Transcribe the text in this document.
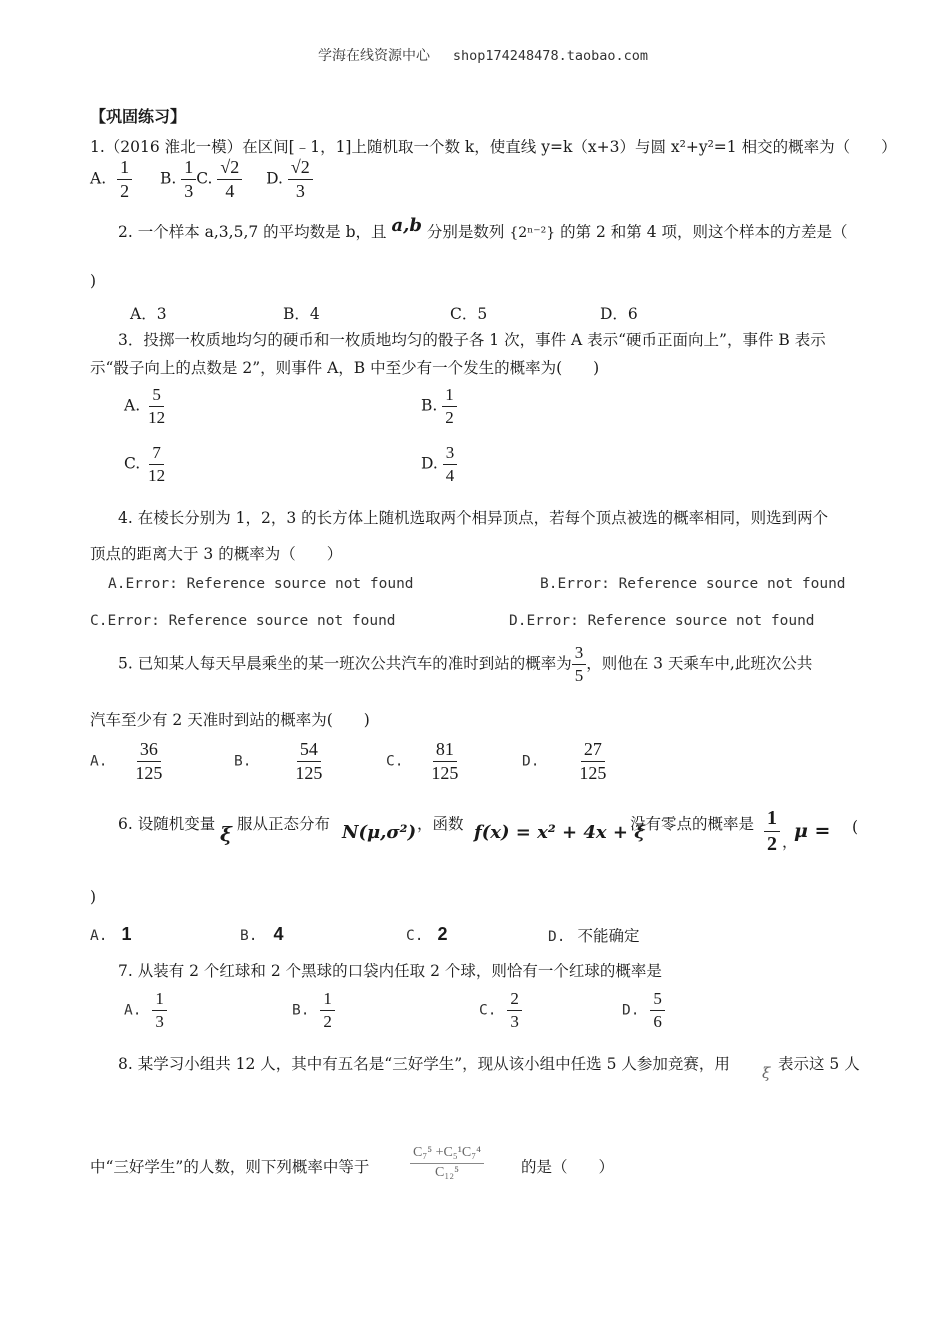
学海在线资源中心 shop174248478.taobao.com
【巩固练习】
1.（2016 淮北一模）在区间[﹣1，1]上随机取一个数 k，使直线 y=k（x+3）与圆 x²+y²=1 相交的概率为（　　）
A. $\frac{1}{2} B$. $\frac{1}{3} C$. $\frac{√2}{4} D$. $\frac{√2}{3}$
2. 一个样本 a,3,5,7 的平均数是 b，且 a,b 分别是数列 {2ⁿ⁻²} 的第 2 和第 4 项，则这个样本的方差是（
)
A．3	B．4	C．5	D．6
3．投掷一枚质地均匀的硬币和一枚质地均匀的骰子各 1 次，事件 A 表示“硬币正面向上”，事件 B 表示
示“骰子向上的点数是 2”，则事件 A，B 中至少有一个发生的概率为(　　)
A. $\frac{5}{12}$	B. $\frac{1}{2}$
C. $\frac{7}{12}$	D. $\frac{3}{4}$
4. 在棱长分别为 1，2，3 的长方体上随机选取两个相异顶点，若每个顶点被选的概率相同，则选到两个
顶点的距离大于 3 的概率为（　　）
A.Error: Reference source not found	B.Error: Reference source not found
C.Error: Reference source not found	D.Error: Reference source not found
5. 已知某人每天早晨乘坐的某一班次公共汽车的准时到站的概率为 $\frac{3}{5}$ ，则他在 3 天乘车中,此班次公共
汽车至少有 2 天准时到站的概率为(　　)
A. $\frac{36}{125}$	B. $\frac{54}{125}$	C. $\frac{81}{125}$	D. $\frac{27}{125}$
6. 设随机变量 ξ 服从正态分布 N(μ,σ²) ，函数 f(x) = x² + 4x + ξ
没有零点的概率是 $\frac{1}{2}$ ，
μ = (
)
A. 1	B. 4	C. 2	D. 不能确定
7. 从装有 2 个红球和 2 个黑球的口袋内任取 2 个球，则恰有一个红球的概率是
A. $\frac{1}{3}$	B. $\frac{1}{2}$	C. $\frac{2}{3}$	D. $\frac{5}{6}$
8. 某学习小组共 12 人，其中有五名是“三好学生”，现从该小组中任选 5 人参加竞赛，用 ξ 表示这 5 人
中“三好学生”的人数，则下列概率中等于	$\frac{\text{C₇⁵ +C₅¹C₇⁴}}{\text{C₁₂⁵}}$ 的是（　　）
